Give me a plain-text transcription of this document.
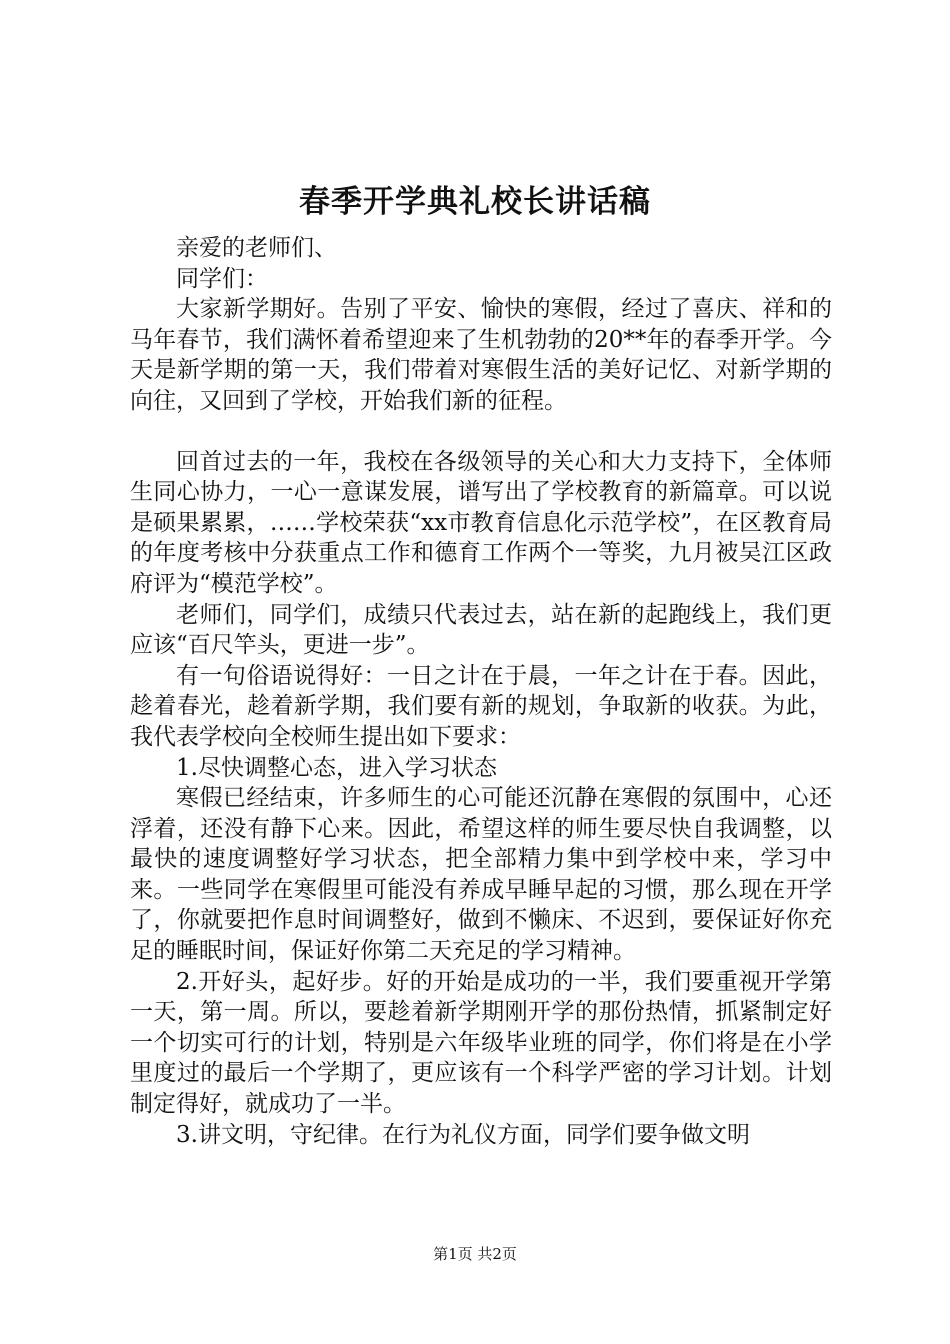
春季开学典礼校长讲话稿

亲爱的老师们、

同学们：

大家新学期好。告别了平安、愉快的寒假，经过了喜庆、祥和的马年春节，我们满怀着希望迎来了生机勃勃的20**年的春季开学。今天是新学期的第一天，我们带着对寒假生活的美好记忆、对新学期的向往，又回到了学校，开始我们新的征程。

回首过去的一年，我校在各级领导的关心和大力支持下，全体师生同心协力，一心一意谋发展，谱写出了学校教育的新篇章。可以说是硕果累累，……学校荣获“xx市教育信息化示范学校”，在区教育局的年度考核中分获重点工作和德育工作两个一等奖，九月被吴江区政府评为“模范学校”。

老师们，同学们，成绩只代表过去，站在新的起跑线上，我们更应该“百尺竿头，更进一步”。

有一句俗语说得好：一日之计在于晨，一年之计在于春。因此，趁着春光，趁着新学期，我们要有新的规划，争取新的收获。为此，我代表学校向全校师生提出如下要求：

1.尽快调整心态，进入学习状态

寒假已经结束，许多师生的心可能还沉静在寒假的氛围中，心还浮着，还没有静下心来。因此，希望这样的师生要尽快自我调整，以最快的速度调整好学习状态，把全部精力集中到学校中来，学习中来。一些同学在寒假里可能没有养成早睡早起的习惯，那么现在开学了，你就要把作息时间调整好，做到不懒床、不迟到，要保证好你充足的睡眠时间，保证好你第二天充足的学习精神。

2.开好头，起好步。好的开始是成功的一半，我们要重视开学第一天，第一周。所以，要趁着新学期刚开学的那份热情，抓紧制定好一个切实可行的计划，特别是六年级毕业班的同学，你们将是在小学里度过的最后一个学期了，更应该有一个科学严密的学习计划。计划制定得好，就成功了一半。

3.讲文明，守纪律。在行为礼仪方面，同学们要争做文明

第1页 共2页
